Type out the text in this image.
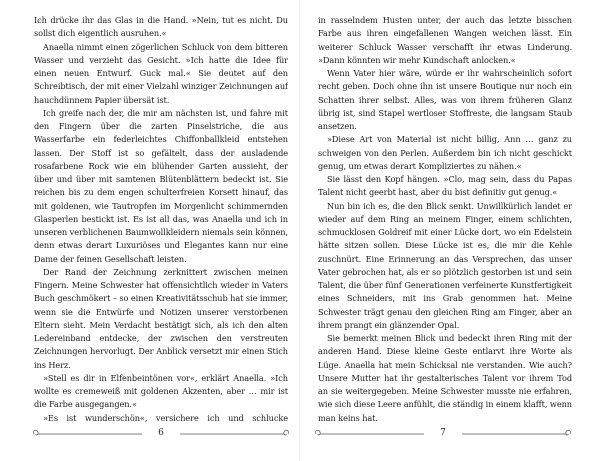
Ich drücke ihr das Glas in die Hand. »Nein, tut es nicht. Du sollst dich eigentlich ausruhen.«

Anaella nimmt einen zögerlichen Schluck von dem bitteren Wasser und verzieht das Gesicht. »Ich hatte die Idee für einen neuen Entwurf. Guck mal.« Sie deutet auf den Schreibtisch, der mit einer Vielzahl winziger Zeichnungen auf hauchdünnem Papier übersät ist.

Ich greife nach der, die mir am nächsten ist, und fahre mit den Fingern über die zarten Pinselstriche, die aus Wasserfarbe ein federleichtes Chiffonballkleid entstehen lassen. Der Stoff ist so gefältelt, dass der ausladende rosafarbene Rock wie ein blühender Garten aussieht, der über und über mit samtenen Blütenblättern bedeckt ist. Sie reichen bis zu dem engen schulterfreien Korsett hinauf, das mit goldenen, wie Tautropfen im Morgenlicht schimmernden Glasperlen bestickt ist. Es ist all das, was Anaella und ich in unseren verblichenen Baumwollkleidern niemals sein können, denn etwas derart Luxuriöses und Elegantes kann nur eine Dame der feinen Gesellschaft leisten.

Der Rand der Zeichnung zerknittert zwischen meinen Fingern. Meine Schwester hat offensichtlich wieder in Vaters Buch geschmökert – so einen Kreativitätsschub hat sie immer, wenn sie die Entwürfe und Notizen unserer verstorbenen Eltern sieht. Mein Verdacht bestätigt sich, als ich den alten Ledereinband entdecke, der zwischen den verstreuten Zeichnungen hervorlugt. Der Anblick versetzt mir einen Stich ins Herz.

»Stell es dir in Elfenbeintönen vor«, erklärt Anaella. »Ich wollte es cremeweiß mit goldenen Akzenten, aber … mir ist die Farbe ausgegangen.«

»Es ist wunderschön«, versichere ich und schlucke

in rasselndem Husten unter, der auch das letzte bisschen Farbe aus ihren eingefallenen Wangen weichen lässt. Ein weiterer Schluck Wasser verschafft ihr etwas Linderung. »Dann könnten wir mehr Kundschaft anlocken.«

Wenn Vater hier wäre, würde er ihr wahrscheinlich sofort recht geben. Doch ohne ihn ist unsere Boutique nur noch ein Schatten ihrer selbst. Alles, was von ihrem früheren Glanz übrig ist, sind Stapel wertloser Stoffreste, die langsam Staub ansetzen.

»Diese Art von Material ist nicht billig, Ann … ganz zu schweigen von den Perlen. Außerdem bin ich nicht geschickt genug, um etwas derart Kompliziertes zu nähen.«

Sie lässt den Kopf hängen. »Clo, mag sein, dass du Papas Talent nicht geerbt hast, aber du bist definitiv gut genug.«

Nun bin ich es, die den Blick senkt. Unwillkürlich landet er wieder auf dem Ring an meinem Finger, einem schlichten, schmucklosen Goldreif mit einer Lücke dort, wo ein Edelstein hätte sitzen sollen. Diese Lücke ist es, die mir die Kehle zuschnürt. Eine Erinnerung an das Versprechen, das unser Vater gebrochen hat, als er so plötzlich gestorben ist und sein Talent, die über fünf Generationen verfeinerte Kunstfertigkeit eines Schneiders, mit ins Grab genommen hat. Meine Schwester trägt genau den gleichen Ring am Finger, aber an ihrem prangt ein glänzender Opal.

Sie bemerkt meinen Blick und bedeckt ihren Ring mit der anderen Hand. Diese kleine Geste entlarvt ihre Worte als Lüge. Anaella hat mein Schicksal nie verstanden. Wie auch? Unsere Mutter hat ihr gestalterisches Talent vor ihrem Tod an sie weitergegeben. Meine Schwester musste nie erfahren, wie sich diese Leere anfühlt, die ständig in einem klafft, wenn man keins hat.

6	7
